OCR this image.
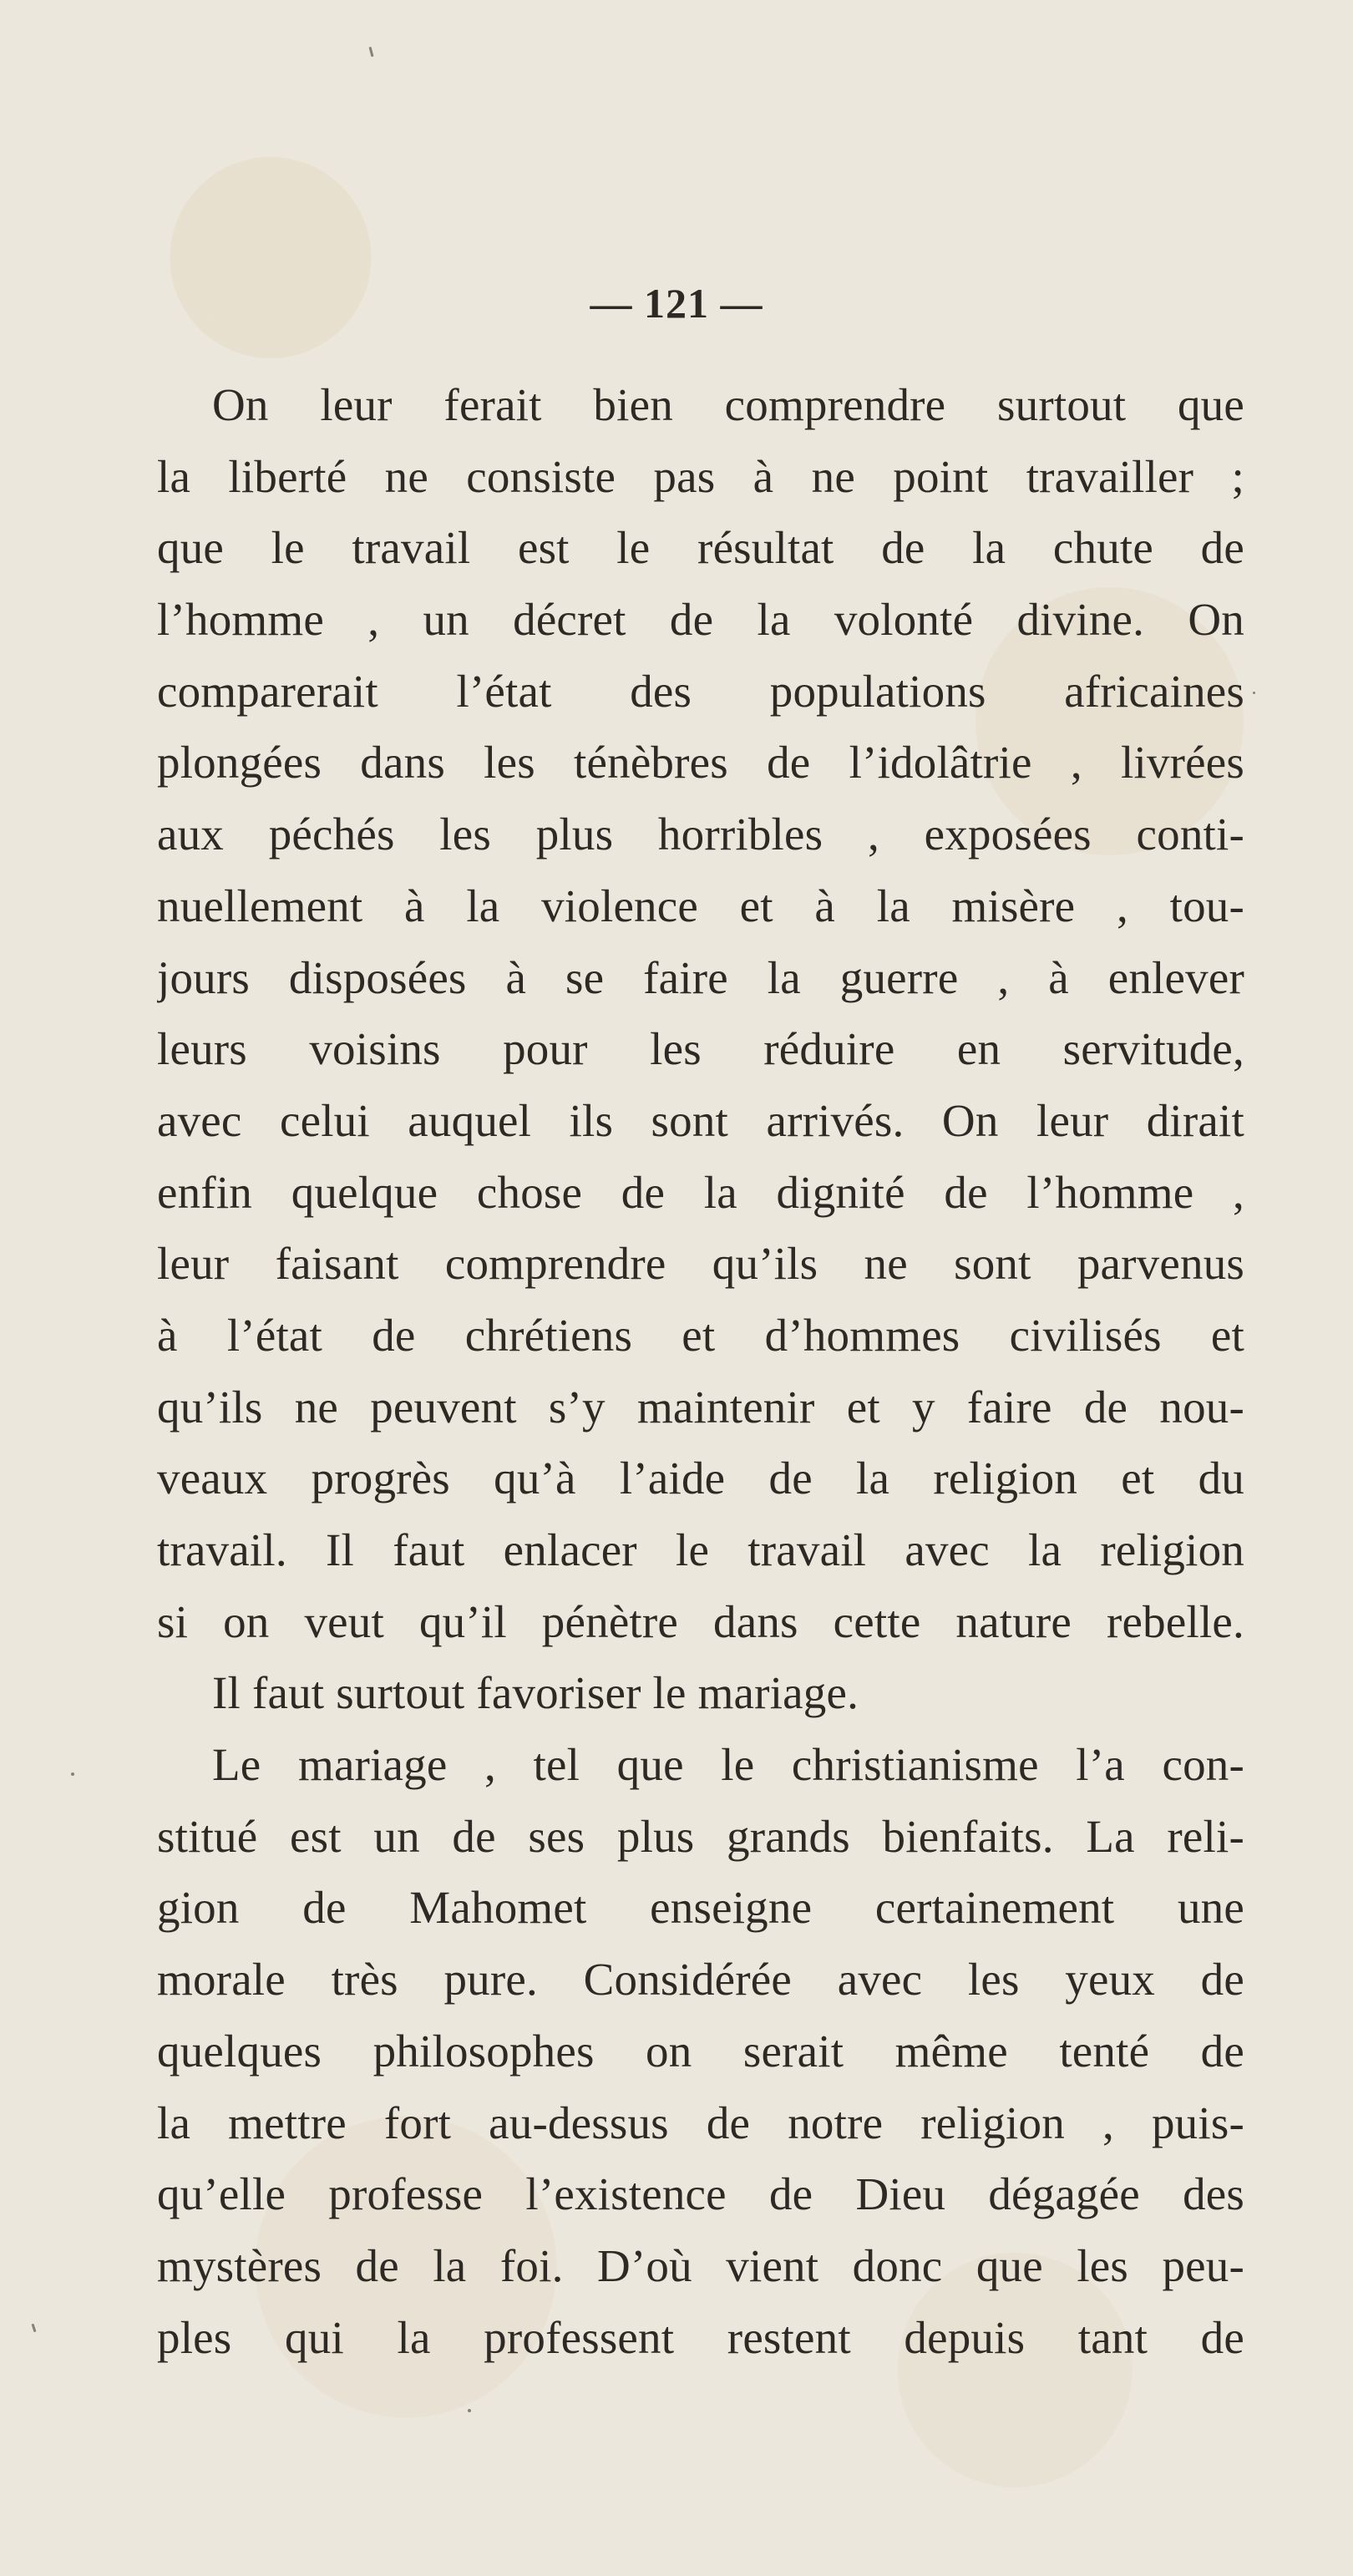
— 121 —
On leur ferait bien comprendre surtout que
la liberté ne consiste pas à ne point travailler ;
que le travail est le résultat de la chute de
l’homme , un décret de la volonté divine. On
comparerait l’état des populations africaines
plongées dans les ténèbres de l’idolâtrie , livrées
aux péchés les plus horribles , exposées conti-
nuellement à la violence et à la misère , tou-
jours disposées à se faire la guerre , à enlever
leurs voisins pour les réduire en servitude,
avec celui auquel ils sont arrivés. On leur dirait
enfin quelque chose de la dignité de l’homme ,
leur faisant comprendre qu’ils ne sont parvenus
à l’état de chrétiens et d’hommes civilisés et
qu’ils ne peuvent s’y maintenir et y faire de nou-
veaux progrès qu’à l’aide de la religion et du
travail. Il faut enlacer le travail avec la religion
si on veut qu’il pénètre dans cette nature rebelle.
Il faut surtout favoriser le mariage.
Le mariage , tel que le christianisme l’a con-
stitué est un de ses plus grands bienfaits. La reli-
gion de Mahomet enseigne certainement une
morale très pure. Considérée avec les yeux de
quelques philosophes on serait même tenté de
la mettre fort au-dessus de notre religion , puis-
qu’elle professe l’existence de Dieu dégagée des
mystères de la foi. D’où vient donc que les peu-
ples qui la professent restent depuis tant de
